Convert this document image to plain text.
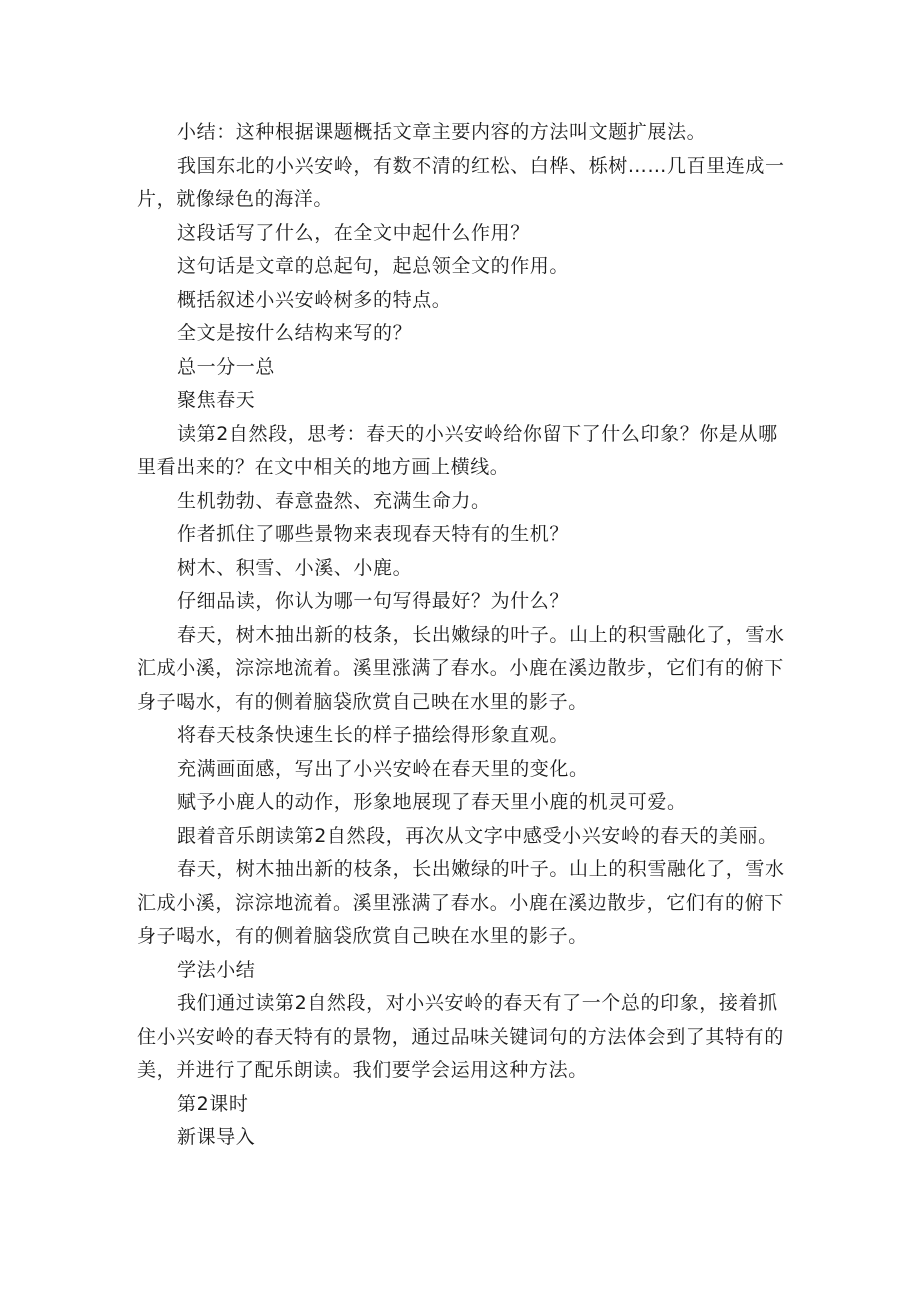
小结：这种根据课题概括文章主要内容的方法叫文题扩展法。

我国东北的小兴安岭，有数不清的红松、白桦、栎树……几百里连成一片，就像绿色的海洋。

这段话写了什么，在全文中起什么作用？

这句话是文章的总起句，起总领全文的作用。

概括叙述小兴安岭树多的特点。

全文是按什么结构来写的？

总一分一总

聚焦春天

读第2自然段，思考：春天的小兴安岭给你留下了什么印象？你是从哪里看出来的？在文中相关的地方画上横线。

生机勃勃、春意盎然、充满生命力。

作者抓住了哪些景物来表现春天特有的生机？

树木、积雪、小溪、小鹿。

仔细品读，你认为哪一句写得最好？为什么？

春天，树木抽出新的枝条，长出嫩绿的叶子。山上的积雪融化了，雪水汇成小溪，淙淙地流着。溪里涨满了春水。小鹿在溪边散步，它们有的俯下身子喝水，有的侧着脑袋欣赏自己映在水里的影子。

将春天枝条快速生长的样子描绘得形象直观。

充满画面感，写出了小兴安岭在春天里的变化。

赋予小鹿人的动作，形象地展现了春天里小鹿的机灵可爱。

跟着音乐朗读第2自然段，再次从文字中感受小兴安岭的春天的美丽。

春天，树木抽出新的枝条，长出嫩绿的叶子。山上的积雪融化了，雪水汇成小溪，淙淙地流着。溪里涨满了春水。小鹿在溪边散步，它们有的俯下身子喝水，有的侧着脑袋欣赏自己映在水里的影子。

学法小结

我们通过读第2自然段，对小兴安岭的春天有了一个总的印象，接着抓住小兴安岭的春天特有的景物，通过品味关键词句的方法体会到了其特有的美，并进行了配乐朗读。我们要学会运用这种方法。

第2课时

新课导入
